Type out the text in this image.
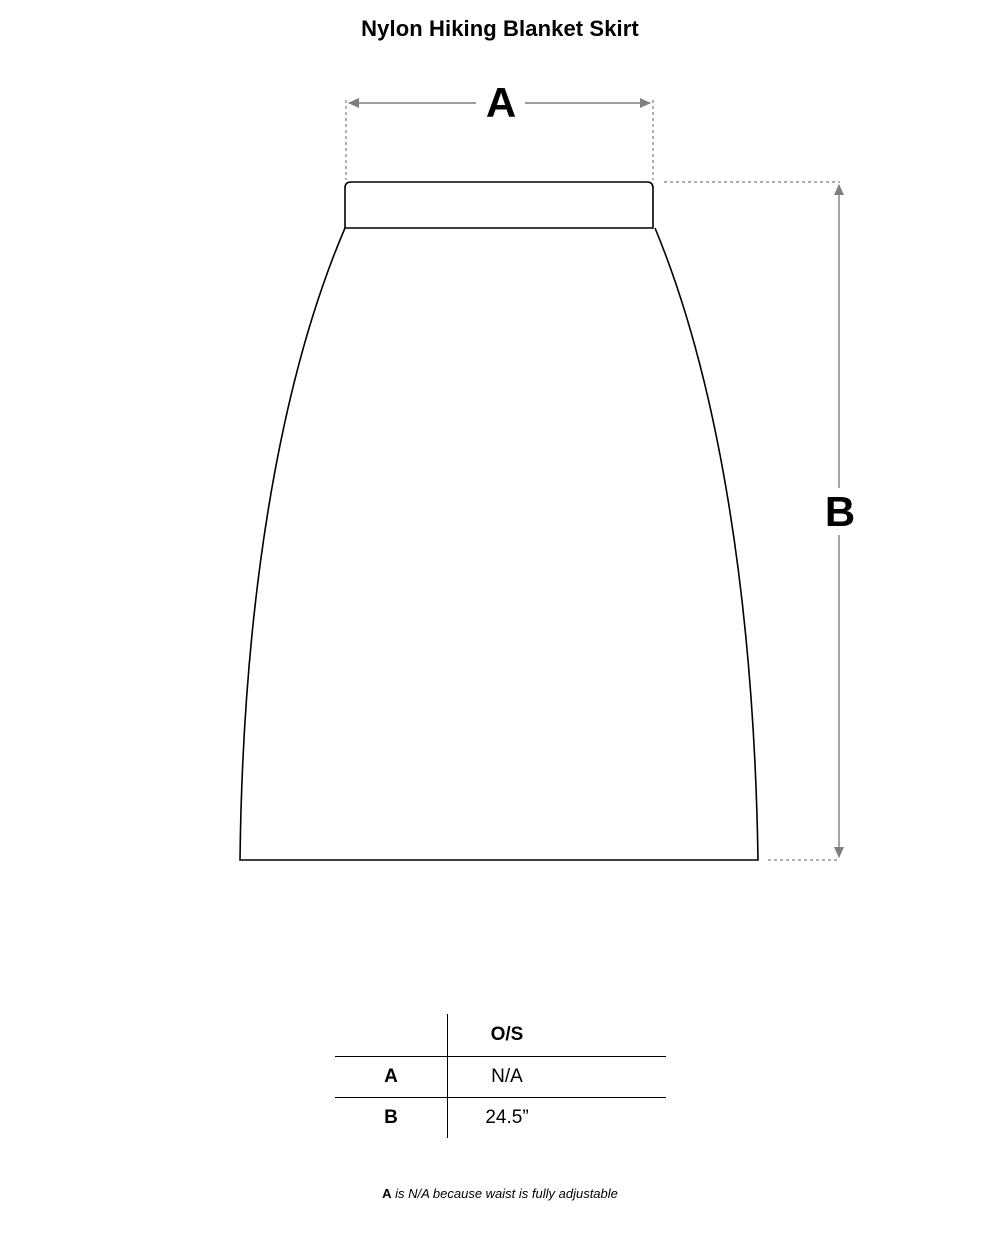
Nylon Hiking Blanket Skirt
A
B
	O/S	
A	N/A	
B	24.5”	
A is N/A because waist is fully adjustable
